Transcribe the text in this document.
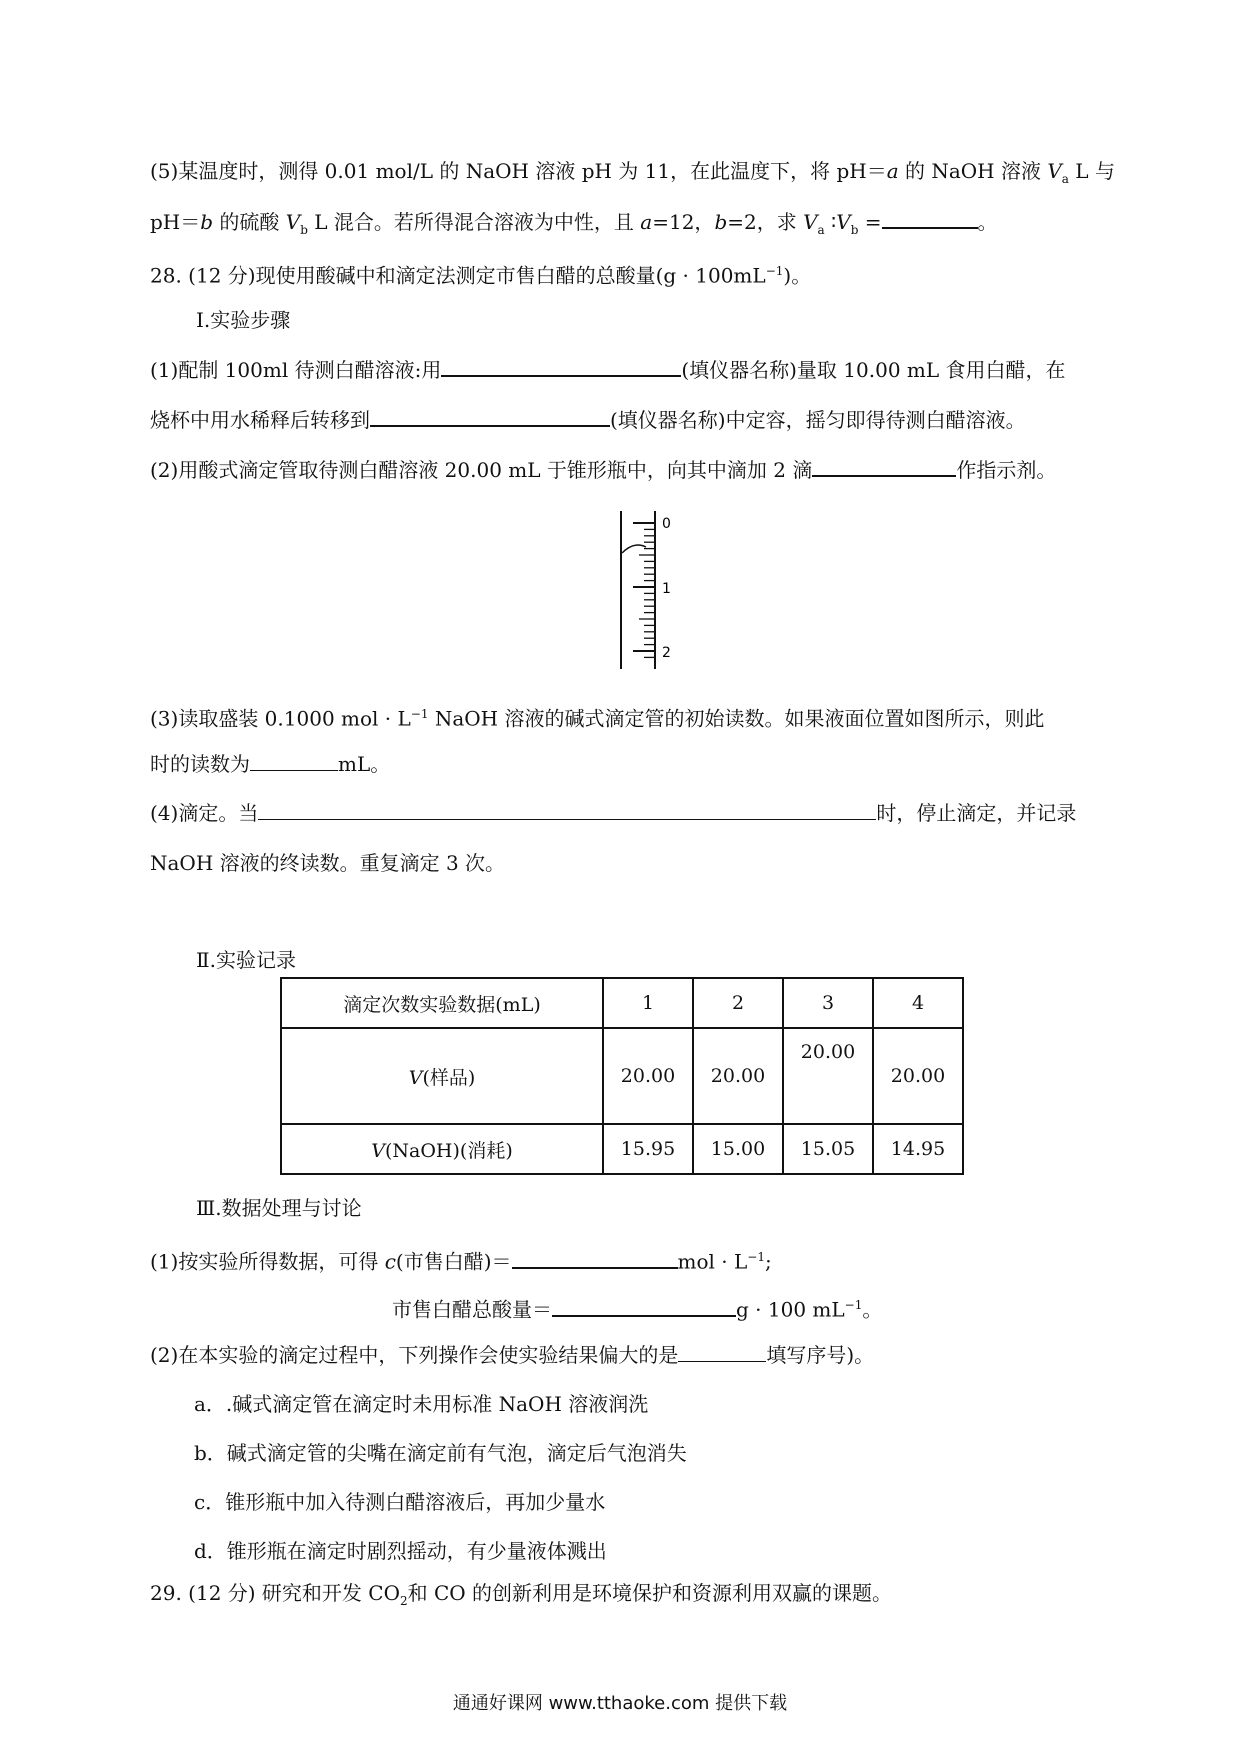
(5)某温度时，测得 0.01 mol/L 的 NaOH 溶液 pH 为 11，在此温度下，将 pH＝a 的 NaOH 溶液 $V_a$ L 与
pH＝b 的硫酸 $V_b$ L 混合。若所得混合溶液为中性，且 a=12，b=2，求 $V_a$ $∶V_b$ =	。
28. (12 分)现使用酸碱中和滴定法测定市售白醋的总酸量$(g \cdot 100mL^{-1})$。
Ⅰ.实验步骤
(1)配制 100ml 待测白醋溶液:用	(填仪器名称)量取 10.00 mL 食用白醋，在
烧杯中用水稀释后转移到	(填仪器名称)中定容，摇匀即得待测白醋溶液。
(2)用酸式滴定管取待测白醋溶液 20.00 mL 于锥形瓶中，向其中滴加 2 滴	作指示剂。
0
1
2
(3)读取盛装 0.1000 mol · $L^{-1}$ NaOH 溶液的碱式滴定管的初始读数。如果液面位置如图所示，则此
时的读数为	mL。
(4)滴定。当	时，停止滴定，并记录
NaOH 溶液的终读数。重复滴定 3 次。
Ⅱ.实验记录
滴定次数实验数据(mL)	1	2	3	4
V(样品)	20.00	20.00	20.00	20.00
V(NaOH)(消耗)	15.95	15.00	15.05	14.95
Ⅲ.数据处理与讨论
(1)按实验所得数据，可得 c(市售白醋)＝	mol · $L^{-1}$;
市售白醋总酸量＝	g · 100 $mL^{-1}$。
(2)在本实验的滴定过程中，下列操作会使实验结果偏大的是	填写序号)。
a．.碱式滴定管在滴定时未用标准 NaOH 溶液润洗
b．碱式滴定管的尖嘴在滴定前有气泡，滴定后气泡消失
c．锥形瓶中加入待测白醋溶液后，再加少量水
d．锥形瓶在滴定时剧烈摇动，有少量液体溅出
29. (12 分) 研究和开发 $CO_2$和 CO 的创新利用是环境保护和资源利用双赢的课题。
通通好课网 www.tthaoke.com 提供下载
